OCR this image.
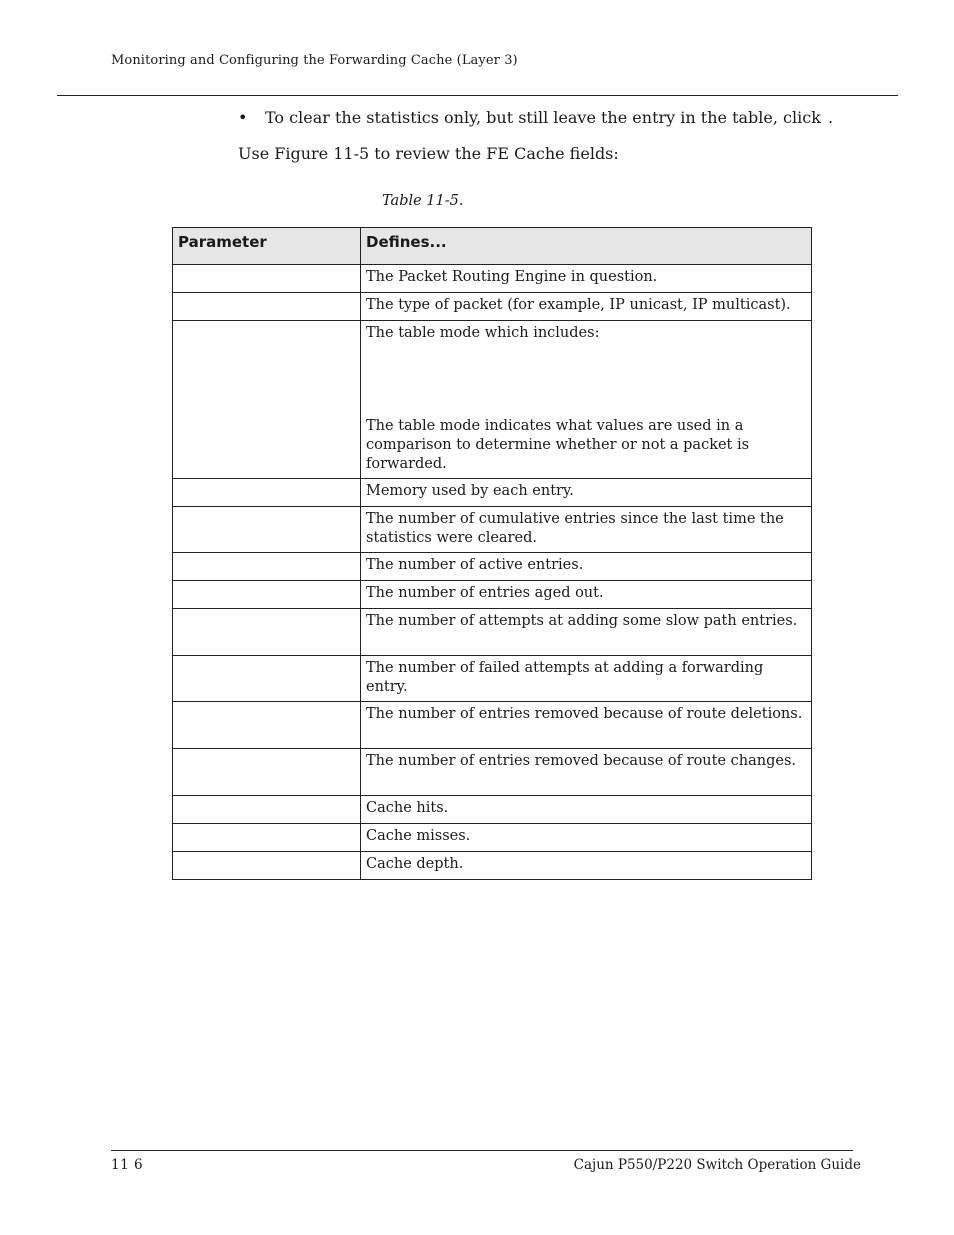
Monitoring and Configuring the Forwarding Cache (Layer 3)
• To clear the statistics only, but still leave the entry in the table, click .
Use Figure 11-5 to review the FE Cache fields:
Table 11-5.
Parameter	Defines...
	The Packet Routing Engine in question.
	The type of packet (for example, IP unicast, IP multicast).

	The table mode which includes:
The table mode indicates what values are used in a comparison to determine whether or not a packet is forwarded.
	Memory used by each entry.
	The number of cumulative entries since the last time the statistics were cleared.
	The number of active entries.
	The number of entries aged out.
	The number of attempts at adding some slow path entries.
	The number of failed attempts at adding a forwarding entry.
	The number of entries removed because of route deletions.
	The number of entries removed because of route changes.
	Cache hits.
	Cache misses.
	Cache depth.
11 6	Cajun P550/P220 Switch Operation Guide
